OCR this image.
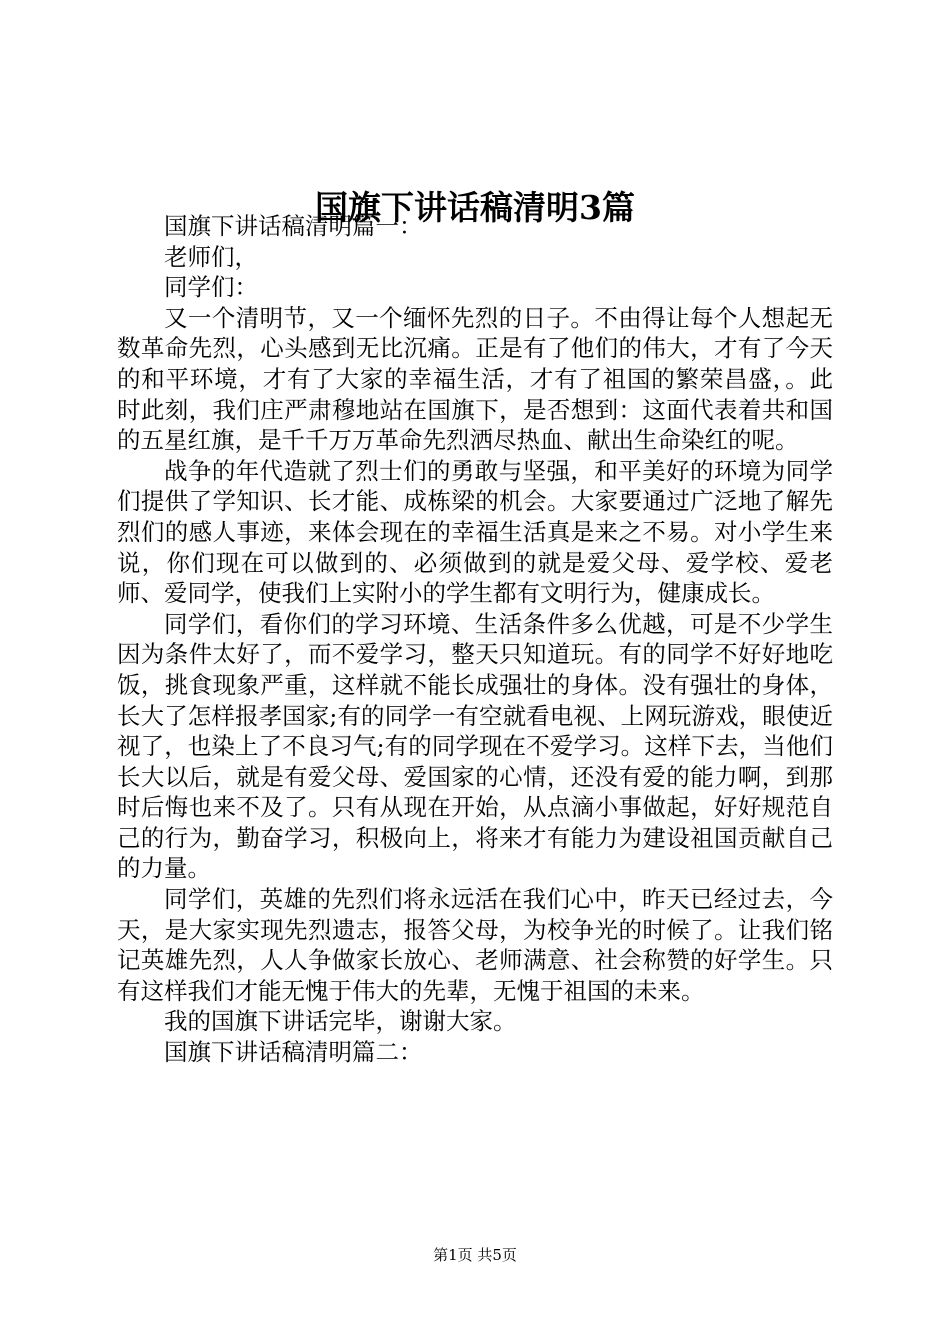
国旗下讲话稿清明3篇

国旗下讲话稿清明篇一：

老师们，

同学们：

又一个清明节，又一个缅怀先烈的日子。不由得让每个人想起无数革命先烈，心头感到无比沉痛。正是有了他们的伟大，才有了今天的和平环境，才有了大家的幸福生活，才有了祖国的繁荣昌盛，。此时此刻，我们庄严肃穆地站在国旗下，是否想到：这面代表着共和国的五星红旗，是千千万万革命先烈洒尽热血、献出生命染红的呢。

战争的年代造就了烈士们的勇敢与坚强，和平美好的环境为同学们提供了学知识、长才能、成栋梁的机会。大家要通过广泛地了解先烈们的感人事迹，来体会现在的幸福生活真是来之不易。对小学生来说，你们现在可以做到的、必须做到的就是爱父母、爱学校、爱老师、爱同学，使我们上实附小的学生都有文明行为，健康成长。

同学们，看你们的学习环境、生活条件多么优越，可是不少学生因为条件太好了，而不爱学习，整天只知道玩。有的同学不好好地吃饭，挑食现象严重，这样就不能长成强壮的身体。没有强壮的身体，长大了怎样报孝国家;有的同学一有空就看电视、上网玩游戏，眼使近视了，也染上了不良习气;有的同学现在不爱学习。这样下去，当他们长大以后，就是有爱父母、爱国家的心情，还没有爱的能力啊，到那时后悔也来不及了。只有从现在开始，从点滴小事做起，好好规范自己的行为，勤奋学习，积极向上，将来才有能力为建设祖国贡献自己的力量。

同学们，英雄的先烈们将永远活在我们心中，昨天已经过去，今天，是大家实现先烈遗志，报答父母，为校争光的时候了。让我们铭记英雄先烈，人人争做家长放心、老师满意、社会称赞的好学生。只有这样我们才能无愧于伟大的先辈，无愧于祖国的未来。

我的国旗下讲话完毕，谢谢大家。

国旗下讲话稿清明篇二：

第1页 共5页
